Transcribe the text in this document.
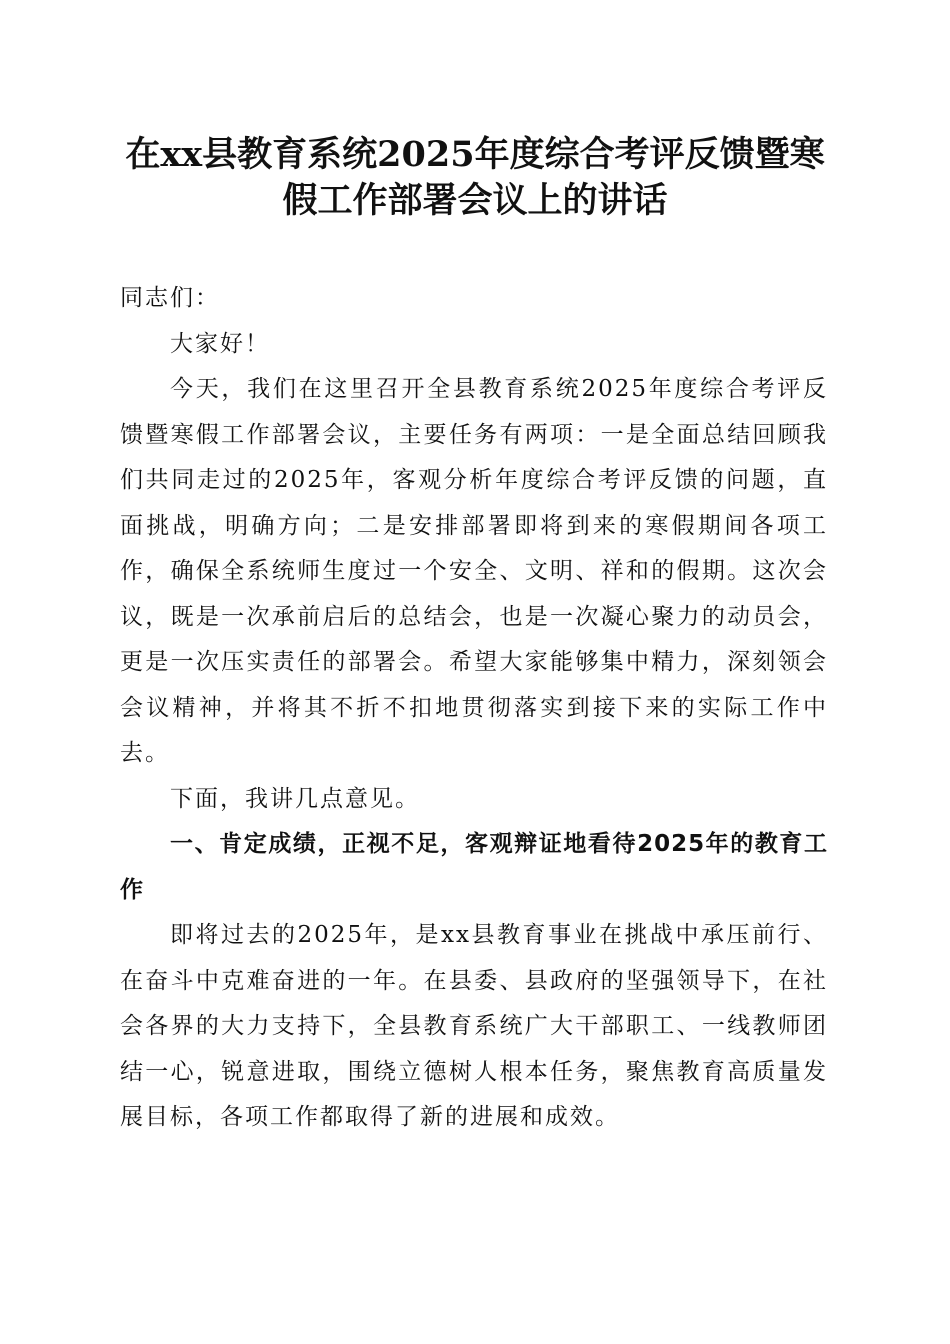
在xx县教育系统2025年度综合考评反馈暨寒
假工作部署会议上的讲话

同志们：

大家好！

今天，我们在这里召开全县教育系统2025年度综合考评反馈暨寒假工作部署会议，主要任务有两项：一是全面总结回顾我们共同走过的2025年，客观分析年度综合考评反馈的问题，直面挑战，明确方向；二是安排部署即将到来的寒假期间各项工作，确保全系统师生度过一个安全、文明、祥和的假期。这次会议，既是一次承前启后的总结会，也是一次凝心聚力的动员会，更是一次压实责任的部署会。希望大家能够集中精力，深刻领会会议精神，并将其不折不扣地贯彻落实到接下来的实际工作中去。

下面，我讲几点意见。

一、肯定成绩，正视不足，客观辩证地看待2025年的教育工作

即将过去的2025年，是xx县教育事业在挑战中承压前行、在奋斗中克难奋进的一年。在县委、县政府的坚强领导下，在社会各界的大力支持下，全县教育系统广大干部职工、一线教师团结一心，锐意进取，围绕立德树人根本任务，聚焦教育高质量发展目标，各项工作都取得了新的进展和成效。
